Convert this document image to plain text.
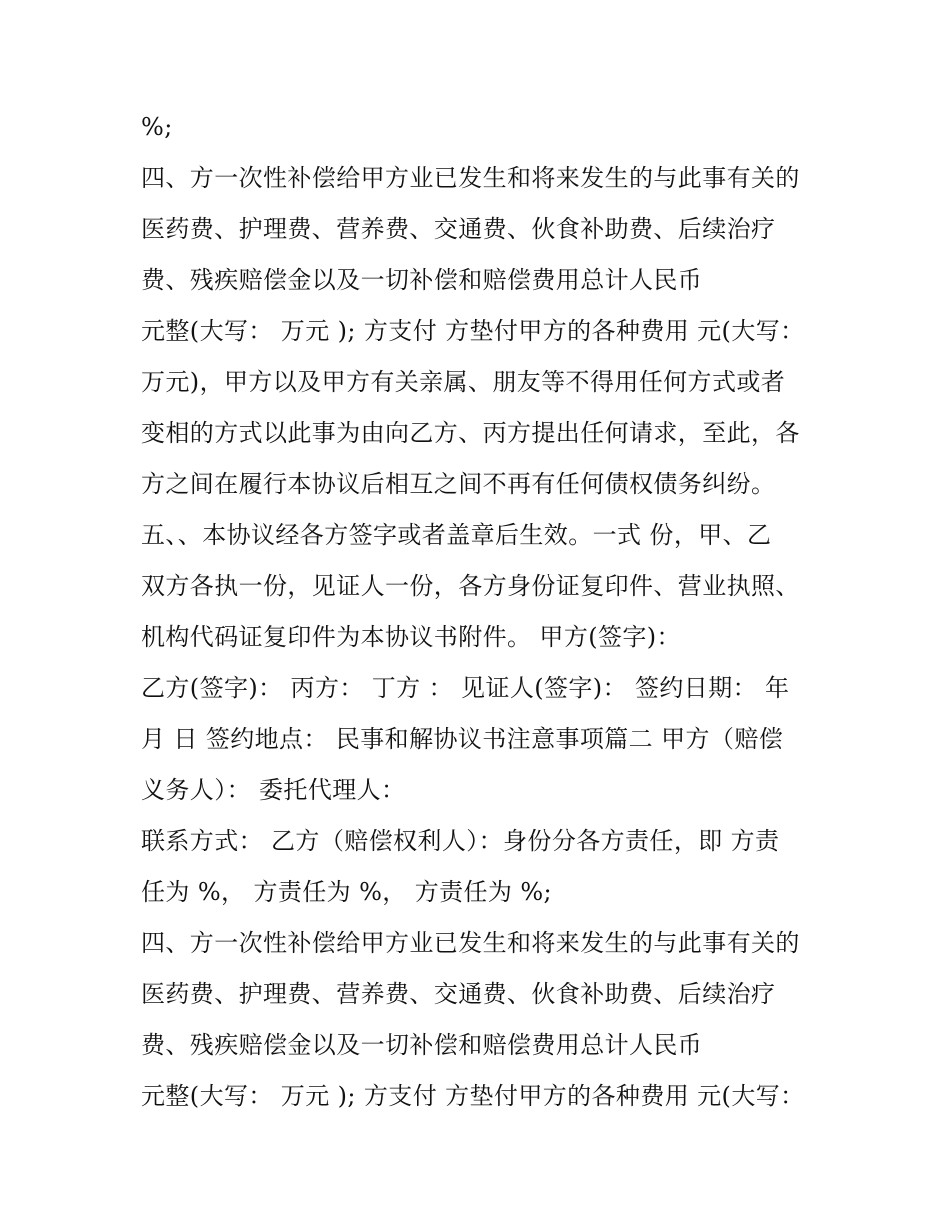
%;
四、方一次性补偿给甲方业已发生和将来发生的与此事有关的
医药费、护理费、营养费、交通费、伙食补助费、后续治疗
费、残疾赔偿金以及一切补偿和赔偿费用总计人民币
元整(大写： 万元 ); 方支付 方垫付甲方的各种费用 元(大写：
万元)，甲方以及甲方有关亲属、朋友等不得用任何方式或者
变相的方式以此事为由向乙方、丙方提出任何请求，至此，各
方之间在履行本协议后相互之间不再有任何债权债务纠纷。
五、、本协议经各方签字或者盖章后生效。一式 份，甲、乙
双方各执一份，见证人一份，各方身份证复印件、营业执照、
机构代码证复印件为本协议书附件。 甲方(签字)：
乙方(签字)： 丙方： 丁方 ： 见证人(签字)： 签约日期： 年
月 日 签约地点： 民事和解协议书注意事项篇二 甲方（赔偿
义务人）： 委托代理人：
联系方式： 乙方（赔偿权利人）：身份分各方责任，即 方责
任为 %， 方责任为 %， 方责任为 %;
四、方一次性补偿给甲方业已发生和将来发生的与此事有关的
医药费、护理费、营养费、交通费、伙食补助费、后续治疗
费、残疾赔偿金以及一切补偿和赔偿费用总计人民币
元整(大写： 万元 ); 方支付 方垫付甲方的各种费用 元(大写：
